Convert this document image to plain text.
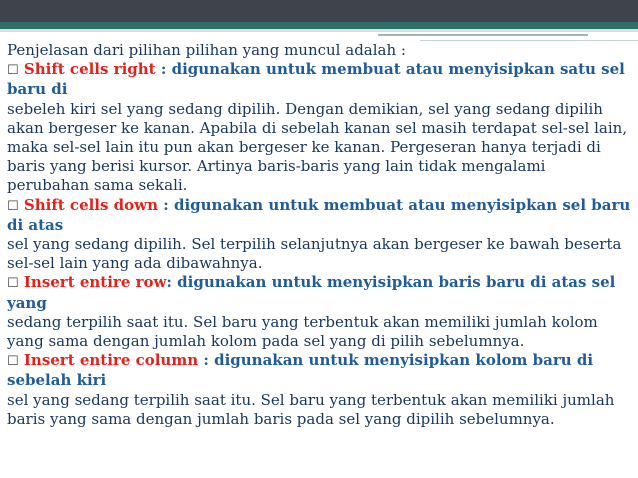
Penjelasan dari pilihan pilihan yang muncul adalah :

☐ Shift cells right : digunakan untuk membuat atau menyisipkan satu sel baru di

sebeleh kiri sel yang sedang dipilih. Dengan demikian, sel yang sedang dipilih

akan bergeser ke kanan. Apabila di sebelah kanan sel masih terdapat sel-sel lain,

maka sel-sel lain itu pun akan bergeser ke kanan. Pergeseran hanya terjadi di

baris yang berisi kursor. Artinya baris-baris yang lain tidak mengalami

perubahan sama sekali.

☐ Shift cells down : digunakan untuk membuat atau menyisipkan sel baru di atas

sel yang sedang dipilih. Sel terpilih selanjutnya akan bergeser ke bawah beserta

sel-sel lain yang ada dibawahnya.

☐ Insert entire row: digunakan untuk menyisipkan baris baru di atas sel yang

sedang terpilih saat itu. Sel baru yang terbentuk akan memiliki jumlah kolom

yang sama dengan jumlah kolom pada sel yang di pilih sebelumnya.

☐ Insert entire column : digunakan untuk menyisipkan kolom baru di sebelah kiri

sel yang sedang terpilih saat itu. Sel baru yang terbentuk akan memiliki jumlah

baris yang sama dengan jumlah baris pada sel yang dipilih sebelumnya.
